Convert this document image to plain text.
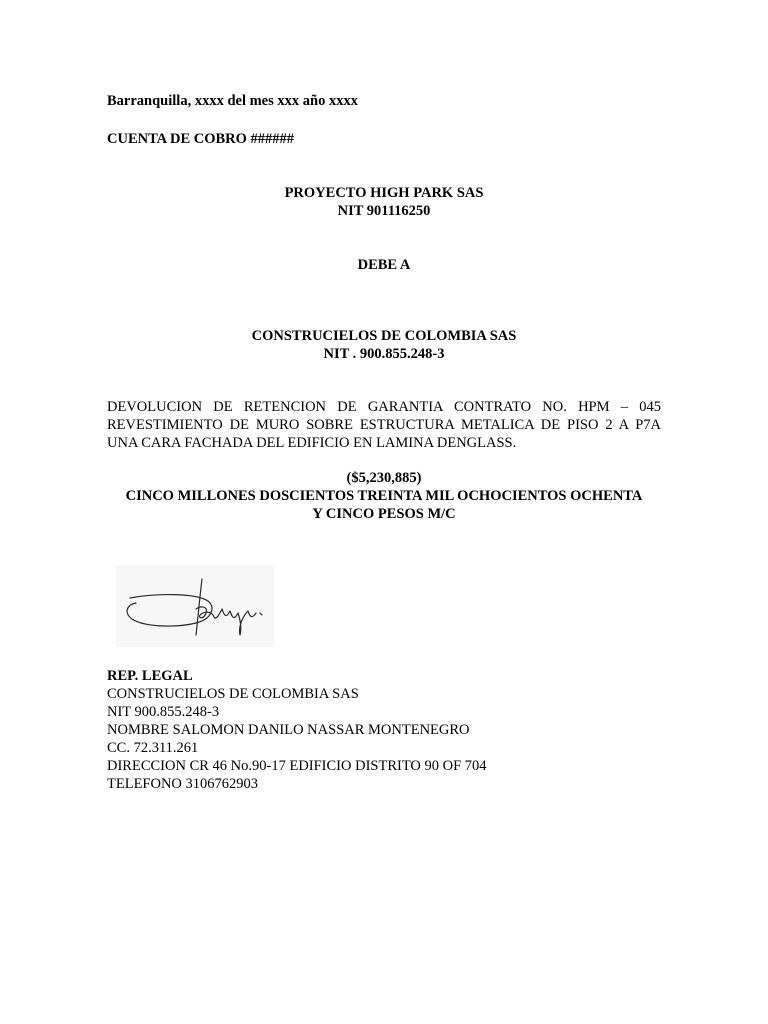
Barranquilla, xxxx del mes xxx año xxxx
CUENTA DE COBRO ######
PROYECTO HIGH PARK SAS
NIT 901116250
DEBE A
CONSTRUCIELOS DE COLOMBIA SAS
NIT . 900.855.248-3
DEVOLUCION DE RETENCION DE GARANTIA CONTRATO NO. HPM – 045
REVESTIMIENTO DE MURO SOBRE ESTRUCTURA METALICA DE PISO 2 A P7A
UNA CARA FACHADA DEL EDIFICIO EN LAMINA DENGLASS.
($5,230,885)
CINCO MILLONES DOSCIENTOS TREINTA MIL OCHOCIENTOS OCHENTA
Y CINCO PESOS M/C
REP. LEGAL
CONSTRUCIELOS DE COLOMBIA SAS
NIT 900.855.248-3
NOMBRE SALOMON DANILO NASSAR MONTENEGRO
CC. 72.311.261
DIRECCION CR 46 No.90-17 EDIFICIO DISTRITO 90 OF 704
TELEFONO 3106762903
